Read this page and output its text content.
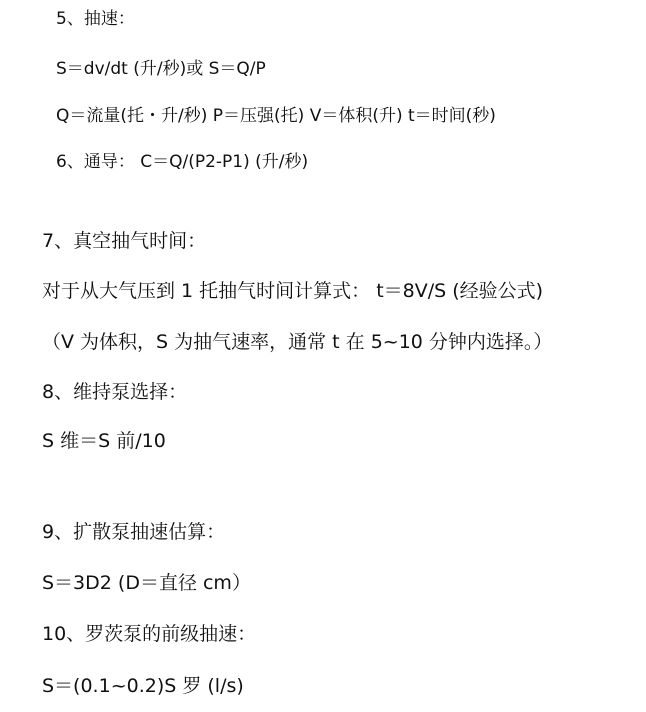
5、抽速：
S＝dv/dt (升/秒)或 S＝Q/P
Q＝流量(托・升/秒) P＝压强(托) V＝体积(升) t＝时间(秒)
6、通导： C＝Q/(P2-P1) (升/秒)
7、真空抽气时间：
对于从大气压到 1 托抽气时间计算式： t＝8V/S (经验公式)
（V 为体积，S 为抽气速率，通常 t 在 5~10 分钟内选择。）
8、维持泵选择：
S 维＝S 前/10
9、扩散泵抽速估算：
S＝3D2 (D＝直径 cm）
10、罗茨泵的前级抽速：
S＝(0.1~0.2)S 罗 (l/s)
